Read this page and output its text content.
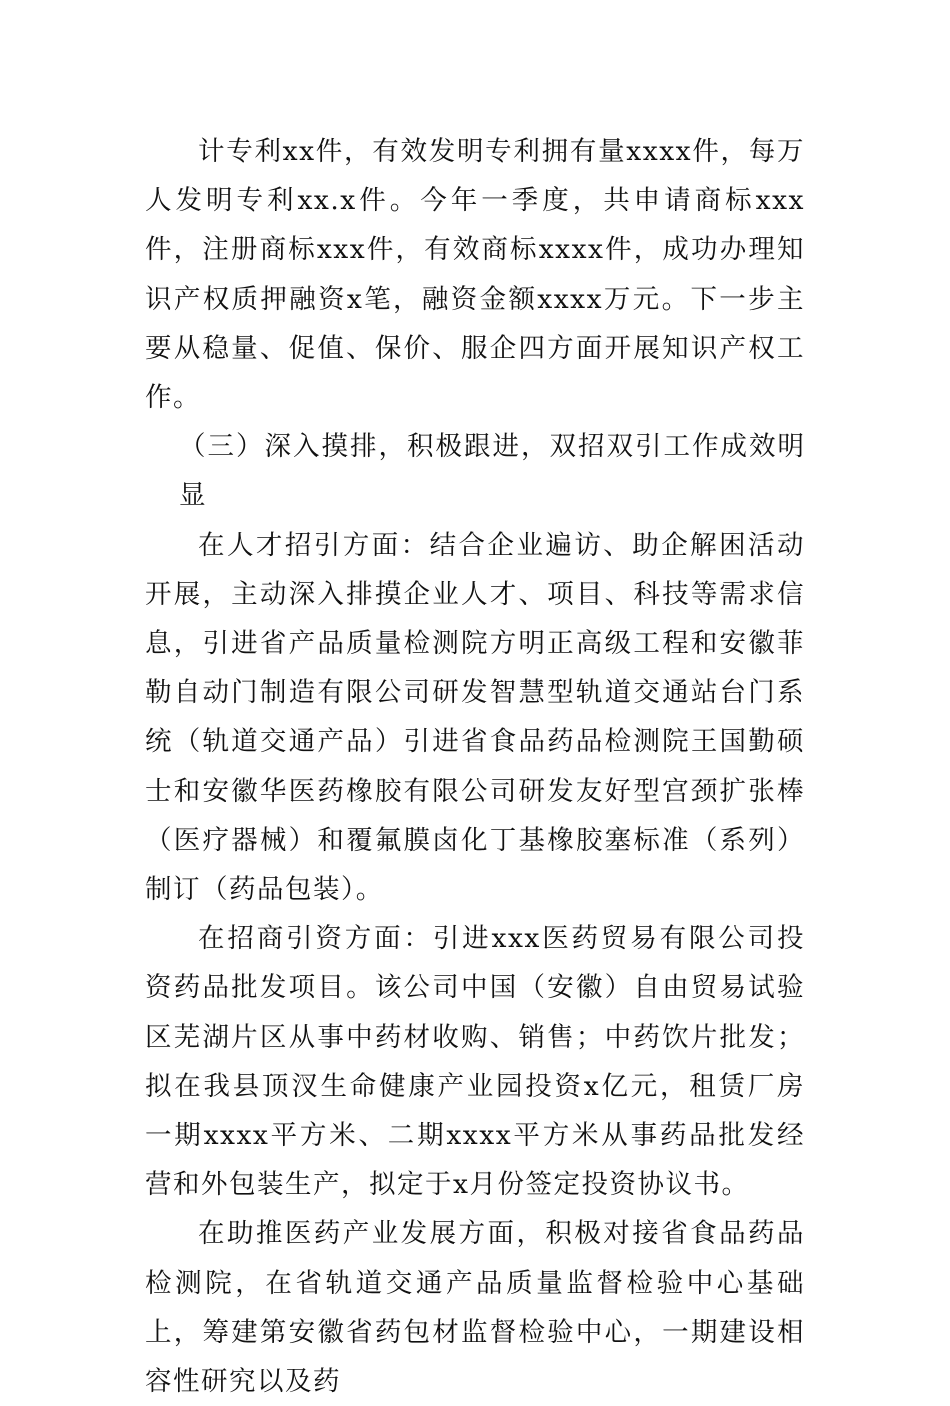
计专利xx件，有效发明专利拥有量xxxx件，每万人发明专利xx.x件。今年一季度，共申请商标xxx件，注册商标xxx件，有效商标xxxx件，成功办理知识产权质押融资x笔，融资金额xxxx万元。下一步主要从稳量、促值、保价、服企四方面开展知识产权工作。

（三）深入摸排，积极跟进，双招双引工作成效明显

在人才招引方面：结合企业遍访、助企解困活动开展，主动深入排摸企业人才、项目、科技等需求信息，引进省产品质量检测院方明正高级工程和安徽菲勒自动门制造有限公司研发智慧型轨道交通站台门系统（轨道交通产品）引进省食品药品检测院王国勤硕士和安徽华医药橡胶有限公司研发友好型宫颈扩张棒（医疗器械）和覆氟膜卤化丁基橡胶塞标准（系列）制订（药品包装）。

在招商引资方面：引进xxx医药贸易有限公司投资药品批发项目。该公司中国（安徽）自由贸易试验区芜湖片区从事中药材收购、销售；中药饮片批发；拟在我县顶汊生命健康产业园投资x亿元，租赁厂房一期xxxx平方米、二期xxxx平方米从事药品批发经营和外包装生产，拟定于x月份签定投资协议书。

在助推医药产业发展方面，积极对接省食品药品检测院，在省轨道交通产品质量监督检验中心基础上，筹建第安徽省药包材监督检验中心，一期建设相容性研究以及药
